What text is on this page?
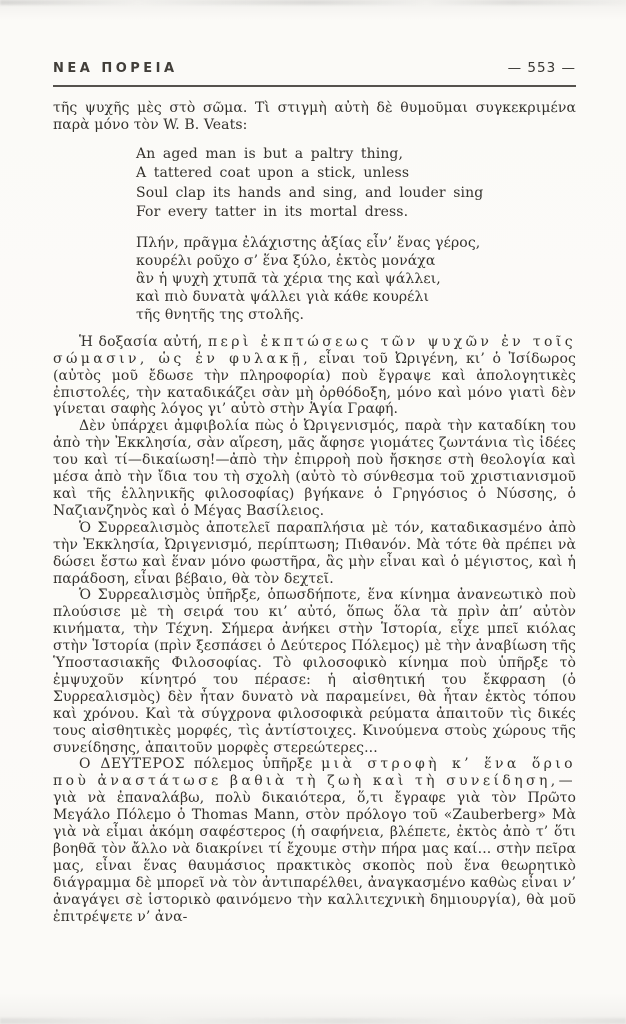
ΝΕΑ ΠΟΡΕΙΑ	— 553 —

τῆς ψυχῆς μὲς στὸ σῶμα. Τὶ στιγμὴ αὐτὴ δὲ θυμοῦμαι συγκεκριμένα παρὰ μόνο τὸν W. B. Veats:

An aged man is but a paltry thing,
A tattered coat upon a stick, unless
Soul clap its hands and sing, and louder sing
For every tatter in its mortal dress.
Πλήν, πρᾶγμα ἐλάχιστης ἀξίας εἶν’ ἕνας γέρος,
κουρέλι ροῦχο σ’ ἕνα ξύλο, ἐκτὸς μονάχα
ἂν ἡ ψυχὴ χτυπᾶ τὰ χέρια της καὶ ψάλλει,
καὶ πιὸ δυνατὰ ψάλλει γιὰ κάθε κουρέλι
τῆς θνητῆς της στολῆς.

Ἡ δοξασία αὐτή, περὶ ἐκπτώσεως τῶν ψυχῶν ἐν τοῖς σώμασιν, ὡς ἐν φυλακῇ, εἶναι τοῦ Ὠριγένη, κι’ ὁ Ἰσίδωρος (αὐτὸς μοῦ ἔδωσε τὴν πληροφορία) ποὺ ἔγραψε καὶ ἀπολογητικὲς ἐπιστολές, τὴν καταδικάζει σὰν μὴ ὀρθόδοξη, μόνο καὶ μόνο γιατὶ δὲν γίνεται σαφὴς λόγος γι’ αὐτὸ στὴν Ἁγία Γραφή.

Δὲν ὑπάρχει ἀμφιβολία πὼς ὁ Ὠριγενισμός, παρὰ τὴν καταδίκη του ἀπὸ τὴν Ἐκκλησία, σὰν αἵρεση, μᾶς ἄφησε γιομάτες ζωντάνια τὶς ἰδέες του καὶ τί—δικαίωση!—ἀπὸ τὴν ἐπιρροὴ ποὺ ἤσκησε στὴ θεολογία καὶ μέσα ἀπὸ τὴν ἴδια του τὴ σχολὴ (αὐτὸ τὸ σύνθεσμα τοῦ χριστιανισμοῦ καὶ τῆς ἑλληνικῆς φιλοσοφίας) βγήκανε ὁ Γρηγόσιος ὁ Νύσσης, ὁ Ναζιανζηνὸς καὶ ὁ Μέγας Βασίλειος.

Ὁ Συρρεαλισμὸς ἀποτελεῖ παραπλήσια μὲ τόν, καταδικασμένο ἀπὸ τὴν Ἐκκλησία, Ὠριγενισμό, περίπτωση; Πιθανόν. Μὰ τότε θὰ πρέπει νὰ δώσει ἔστω καὶ ἕναν μόνο φωστῆρα, ἂς μὴν εἶναι καὶ ὁ μέγιστος, καὶ ἡ παράδοση, εἶναι βέβαιο, θὰ τὸν δεχτεῖ.

Ὁ Συρρεαλισμὸς ὑπῆρξε, ὁπωσδήποτε, ἕνα κίνημα ἀνανεωτικὸ ποὺ πλούσισε μὲ τὴ σειρά του κι’ αὐτό, ὅπως ὅλα τὰ πρὶν ἀπ’ αὐτὸν κινήματα, τὴν Τέχνη. Σήμερα ἀνήκει στὴν Ἱστορία, εἶχε μπεῖ κιόλας στὴν Ἱστορία (πρὶν ξεσπάσει ὁ Δεύτερος Πόλεμος) μὲ τὴν ἀναβίωση τῆς Ὑποστασιακῆς Φιλοσοφίας. Τὸ φιλοσοφικὸ κίνημα ποὺ ὑπῆρξε τὸ ἐμψυχοῦν κίνητρό του πέρασε: ἡ αἰσθητική του ἔκφραση (ὁ Συρρεαλισμὸς) δὲν ἦταν δυνατὸ νὰ παραμείνει, θὰ ἦταν ἐκτὸς τόπου καὶ χρόνου. Καὶ τὰ σύγχρονα φιλοσοφικὰ ρεύματα ἀπαιτοῦν τὶς δικές τους αἰσθητικὲς μορφές, τὶς ἀντίστοιχες. Κινούμενα στοὺς χώρους τῆς συνείδησης, ἀπαιτοῦν μορφὲς στερεώτερες...

Ο ΔΕΥΤΕΡΟΣ πόλεμος ὑπῆρξε μιὰ στροφὴ κ’ ἕνα ὅριο ποὺ ἀναστάτωσε βαθιὰ τὴ ζωὴ καὶ τὴ συνείδηση,— γιὰ νὰ ἐπαναλάβω, πολὺ δικαιότερα, ὅ,τι ἔγραφε γιὰ τὸν Πρῶτο Μεγάλο Πόλεμο ὁ Thomas Mann, στὸν πρόλογο τοῦ «Zauberberg» Μὰ γιὰ νὰ εἶμαι ἀκόμη σαφέστερος (ἡ σαφήνεια, βλέπετε, ἐκτὸς ἀπὸ τ’ ὅτι βοηθᾶ τὸν ἄλλο νὰ διακρίνει τί ἔχουμε στὴν πήρα μας καί... στὴν πεῖρα μας, εἶναι ἕνας θαυμάσιος πρακτικὸς σκοπὸς ποὺ ἕνα θεωρητικὸ διάγραμμα δὲ μπορεῖ νὰ τὸν ἀντιπαρέλθει, ἀναγκασμένο καθὼς εἶναι ν’ ἀναγάγει σὲ ἱστορικὸ φαινόμενο τὴν καλλιτεχνικὴ δημιουργία), θὰ μοῦ ἐπιτρέψετε ν’ ἀνα-
